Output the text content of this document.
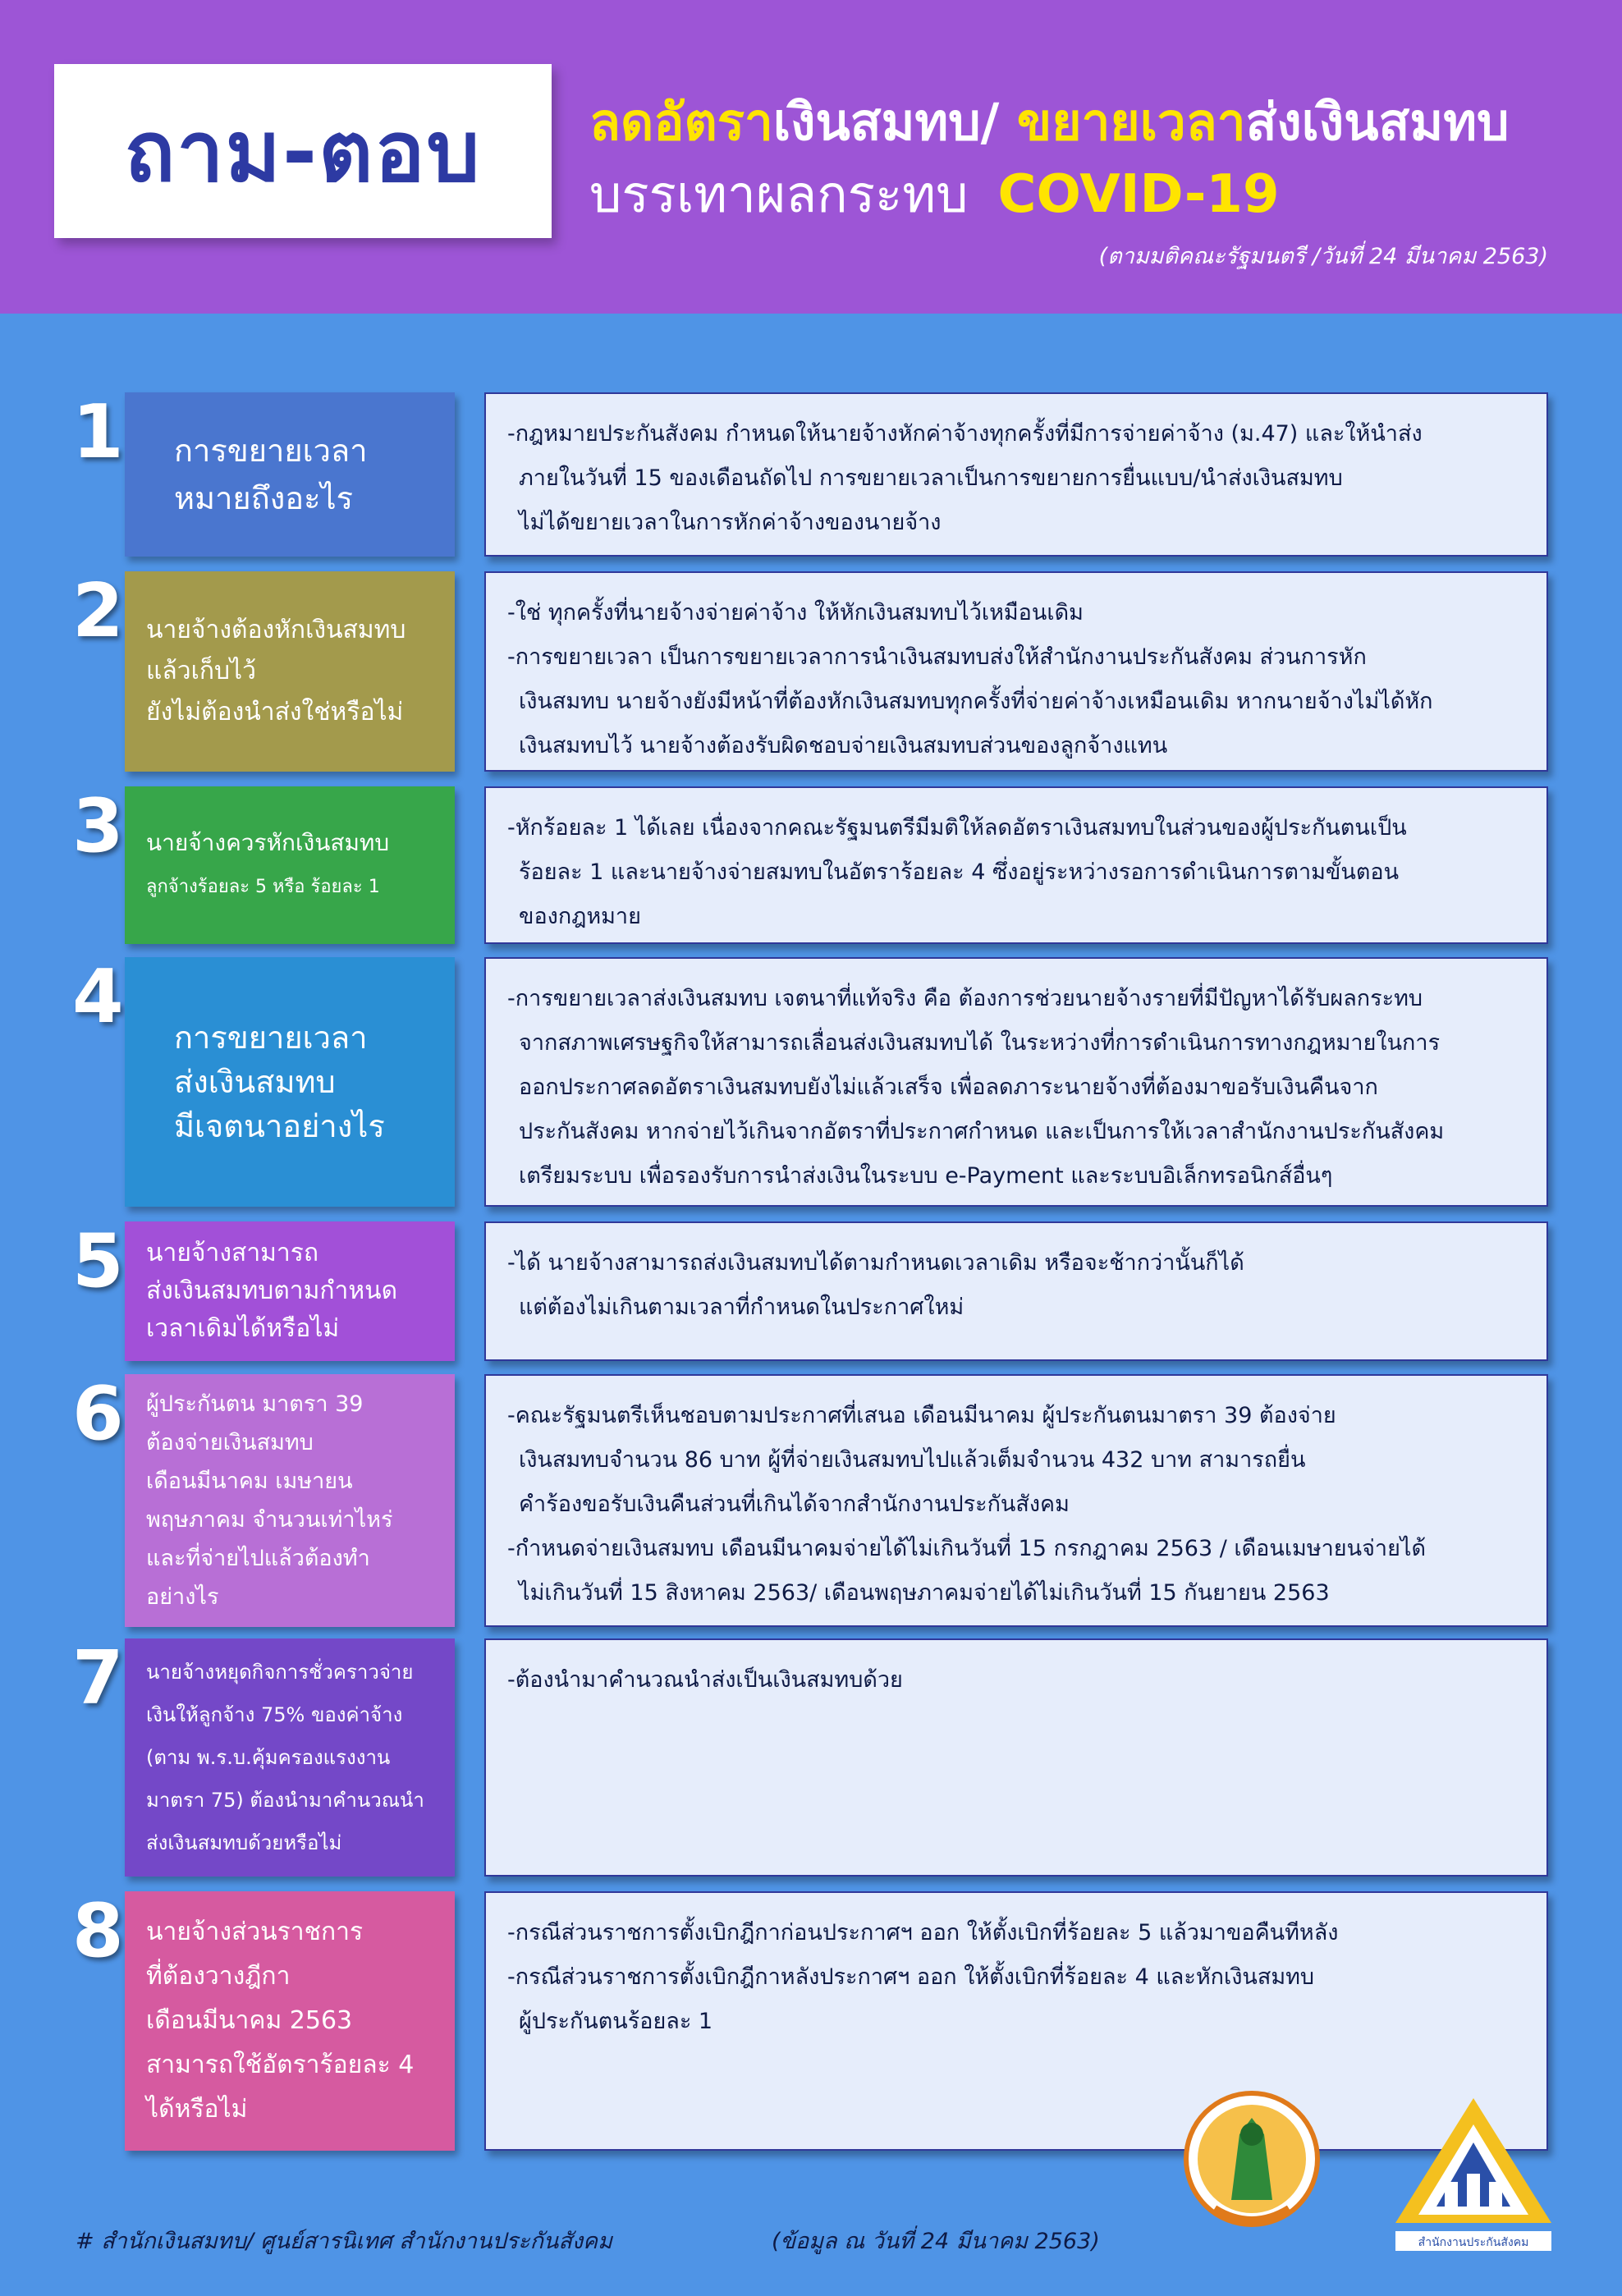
ถาม-ตอบ ลดอัตราเงินสมทบ/ ขยายเวลาส่งเงินสมทบ
บรรเทาผลกระทบ COVID-19
(ตามมติคณะรัฐมนตรี /วันที่ 24 มีนาคม 2563)
1 การขยายเวลา
หมายถึงอะไร

-กฎหมายประกันสังคม กำหนดให้นายจ้างหักค่าจ้างทุกครั้งที่มีการจ่ายค่าจ้าง (ม.47) และให้นำส่ง

ภายในวันที่ 15 ของเดือนถัดไป การขยายเวลาเป็นการขยายการยื่นแบบ/นำส่งเงินสมทบ

ไม่ได้ขยายเวลาในการหักค่าจ้างของนายจ้าง

2 นายจ้างต้องหักเงินสมทบ
แล้วเก็บไว้
ยังไม่ต้องนำส่งใช่หรือไม่

-ใช่ ทุกครั้งที่นายจ้างจ่ายค่าจ้าง ให้หักเงินสมทบไว้เหมือนเดิม

-การขยายเวลา เป็นการขยายเวลาการนำเงินสมทบส่งให้สำนักงานประกันสังคม ส่วนการหัก

เงินสมทบ นายจ้างยังมีหน้าที่ต้องหักเงินสมทบทุกครั้งที่จ่ายค่าจ้างเหมือนเดิม หากนายจ้างไม่ได้หัก

เงินสมทบไว้ นายจ้างต้องรับผิดชอบจ่ายเงินสมทบส่วนของลูกจ้างแทน

3 นายจ้างควรหักเงินสมทบ
ลูกจ้างร้อยละ 5 หรือ ร้อยละ 1

-หักร้อยละ 1 ได้เลย เนื่องจากคณะรัฐมนตรีมีมติให้ลดอัตราเงินสมทบในส่วนของผู้ประกันตนเป็น

ร้อยละ 1 และนายจ้างจ่ายสมทบในอัตราร้อยละ 4 ซึ่งอยู่ระหว่างรอการดำเนินการตามขั้นตอน

ของกฎหมาย

4 การขยายเวลา
ส่งเงินสมทบ
มีเจตนาอย่างไร

-การขยายเวลาส่งเงินสมทบ เจตนาที่แท้จริง คือ ต้องการช่วยนายจ้างรายที่มีปัญหาได้รับผลกระทบ

จากสภาพเศรษฐกิจให้สามารถเลื่อนส่งเงินสมทบได้ ในระหว่างที่การดำเนินการทางกฎหมายในการ

ออกประกาศลดอัตราเงินสมทบยังไม่แล้วเสร็จ เพื่อลดภาระนายจ้างที่ต้องมาขอรับเงินคืนจาก

ประกันสังคม หากจ่ายไว้เกินจากอัตราที่ประกาศกำหนด และเป็นการให้เวลาสำนักงานประกันสังคม

เตรียมระบบ เพื่อรองรับการนำส่งเงินในระบบ e-Payment และระบบอิเล็กทรอนิกส์อื่นๆ

5 นายจ้างสามารถ
ส่งเงินสมทบตามกำหนด
เวลาเดิมได้หรือไม่

-ได้ นายจ้างสามารถส่งเงินสมทบได้ตามกำหนดเวลาเดิม หรือจะช้ากว่านั้นก็ได้

แต่ต้องไม่เกินตามเวลาที่กำหนดในประกาศใหม่

6 ผู้ประกันตน มาตรา 39
ต้องจ่ายเงินสมทบ
เดือนมีนาคม เมษายน
พฤษภาคม จำนวนเท่าไหร่
และที่จ่ายไปแล้วต้องทำ
อย่างไร

-คณะรัฐมนตรีเห็นชอบตามประกาศที่เสนอ เดือนมีนาคม ผู้ประกันตนมาตรา 39 ต้องจ่าย

เงินสมทบจำนวน 86 บาท ผู้ที่จ่ายเงินสมทบไปแล้วเต็มจำนวน 432 บาท สามารถยื่น

คำร้องขอรับเงินคืนส่วนที่เกินได้จากสำนักงานประกันสังคม

-กำหนดจ่ายเงินสมทบ เดือนมีนาคมจ่ายได้ไม่เกินวันที่ 15 กรกฎาคม 2563 / เดือนเมษายนจ่ายได้

ไม่เกินวันที่ 15 สิงหาคม 2563/ เดือนพฤษภาคมจ่ายได้ไม่เกินวันที่ 15 กันยายน 2563

7 นายจ้างหยุดกิจการชั่วคราวจ่าย
เงินให้ลูกจ้าง 75% ของค่าจ้าง
(ตาม พ.ร.บ.คุ้มครองแรงงาน
มาตรา 75) ต้องนำมาคำนวณนำ
ส่งเงินสมทบด้วยหรือไม่

-ต้องนำมาคำนวณนำส่งเป็นเงินสมทบด้วย

8 นายจ้างส่วนราชการ
ที่ต้องวางฎีกา
เดือนมีนาคม 2563
สามารถใช้อัตราร้อยละ 4
ได้หรือไม่

-กรณีส่วนราชการตั้งเบิกฎีกาก่อนประกาศฯ ออก ให้ตั้งเบิกที่ร้อยละ 5 แล้วมาขอคืนทีหลัง

-กรณีส่วนราชการตั้งเบิกฎีกาหลังประกาศฯ ออก ให้ตั้งเบิกที่ร้อยละ 4 และหักเงินสมทบ

ผู้ประกันตนร้อยละ 1

# สำนักเงินสมทบ/ ศูนย์สารนิเทศ สำนักงานประกันสังคม	(ข้อมูล ณ วันที่ 24 มีนาคม 2563)	สำนักงานประกันสังคม
